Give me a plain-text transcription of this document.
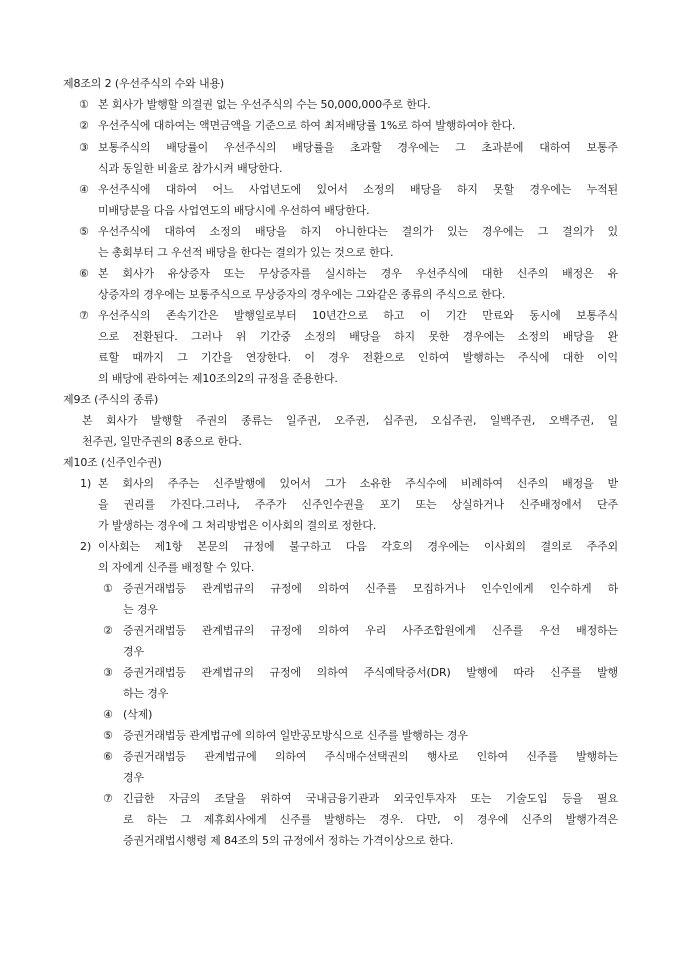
제8조의 2 (우선주식의 수와 내용)
① 본 회사가 발행할 의결권 없는 우선주식의 수는 50,000,000주로 한다.
② 우선주식에 대하여는 액면금액을 기준으로 하여 최저배당률 1%로 하여 발행하여야 한다.
③ 보통주식의 배당률이 우선주식의 배당률을 초과할 경우에는 그 초과분에 대하여 보통주
식과 동일한 비율로 참가시켜 배당한다.
④ 우선주식에 대하여 어느 사업년도에 있어서 소정의 배당을 하지 못할 경우에는 누적된
미배당분을 다음 사업연도의 배당시에 우선하여 배당한다.
⑤ 우선주식에 대하여 소정의 배당을 하지 아니한다는 결의가 있는 경우에는 그 결의가 있
는 총회부터 그 우선적 배당을 한다는 결의가 있는 것으로 한다.
⑥ 본 회사가 유상증자 또는 무상증자를 실시하는 경우 우선주식에 대한 신주의 배정은 유
상증자의 경우에는 보통주식으로 무상증자의 경우에는 그와같은 종류의 주식으로 한다.
⑦ 우선주식의 존속기간은 발행일로부터 10년간으로 하고 이 기간 만료와 동시에 보통주식
으로 전환된다. 그러나 위 기간중 소정의 배당을 하지 못한 경우에는 소정의 배당을 완
료할 때까지 그 기간을 연장한다. 이 경우 전환으로 인하여 발행하는 주식에 대한 이익
의 배당에 관하여는 제10조의2의 규정을 준용한다.
제9조 (주식의 종류)
본 회사가 발행할 주권의 종류는 일주권, 오주권, 십주권, 오십주권, 일백주권, 오백주권, 일
천주권, 일만주권의 8종으로 한다.
제10조 (신주인수권)
1) 본 회사의 주주는 신주발행에 있어서 그가 소유한 주식수에 비례하여 신주의 배정을 받
을 권리를 가진다.그러나, 주주가 신주인수권을 포기 또는 상실하거나 신주배정에서 단주
가 발생하는 경우에 그 처리방법은 이사회의 결의로 정한다.
2) 이사회는 제1항 본문의 규정에 불구하고 다음 각호의 경우에는 이사회의 결의로 주주외
의 자에게 신주를 배정할 수 있다.
① 증권거래법등 관계법규의 규정에 의하여 신주를 모집하거나 인수인에게 인수하게 하
는 경우
② 증권거래법등 관계법규의 규정에 의하여 우리 사주조합원에게 신주를 우선 배정하는
경우
③ 증권거래법등 관계법규의 규정에 의하여 주식예탁증서(DR) 발행에 따라 신주를 발행
하는 경우
④ (삭제)
⑤ 증권거래법등 관계법규에 의하여 일반공모방식으로 신주를 발행하는 경우
⑥ 증권거래법등 관계법규에 의하여 주식매수선택권의 행사로 인하여 신주를 발행하는
경우
⑦ 긴급한 자금의 조달을 위하여 국내금융기관과 외국인투자자 또는 기술도입 등을 필요
로 하는 그 제휴회사에게 신주를 발행하는 경우. 다만, 이 경우에 신주의 발행가격은
증권거래법시행령 제 84조의 5의 규정에서 정하는 가격이상으로 한다.
